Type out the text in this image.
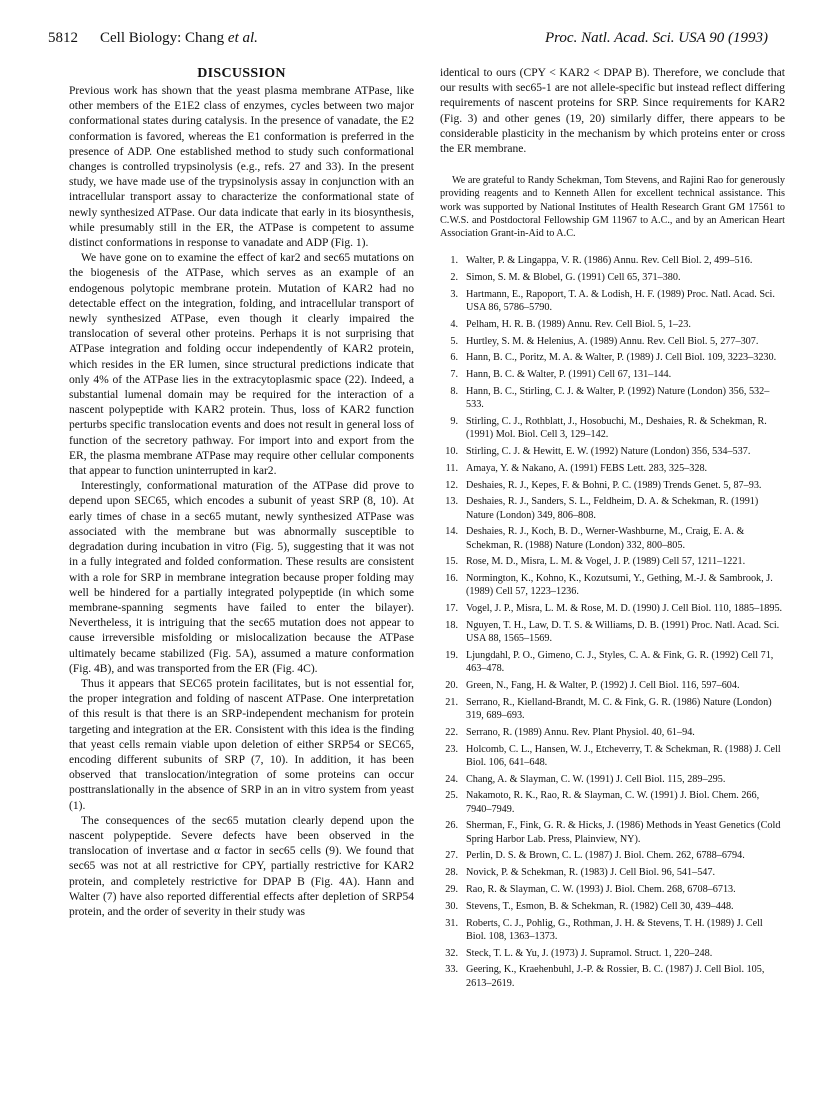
5812 Cell Biology: Chang et al.	Proc. Natl. Acad. Sci. USA 90 (1993)
DISCUSSION

Previous work has shown that the yeast plasma membrane ATPase, like other members of the E1E2 class of enzymes, cycles between two major conformational states during catalysis. In the presence of vanadate, the E2 conformation is favored, whereas the E1 conformation is preferred in the presence of ADP. One established method to study such conformational changes is controlled trypsinolysis (e.g., refs. 27 and 33). In the present study, we have made use of the trypsinolysis assay in conjunction with an intracellular transport assay to characterize the conformational state of newly synthesized ATPase. Our data indicate that early in its biosynthesis, while presumably still in the ER, the ATPase is competent to assume distinct conformations in response to vanadate and ADP (Fig. 1).

We have gone on to examine the effect of kar2 and sec65 mutations on the biogenesis of the ATPase, which serves as an example of an endogenous polytopic membrane protein. Mutation of KAR2 had no detectable effect on the integration, folding, and intracellular transport of newly synthesized ATPase, even though it clearly impaired the translocation of several other proteins. Perhaps it is not surprising that ATPase integration and folding occur independently of KAR2 protein, which resides in the ER lumen, since structural predictions indicate that only 4% of the ATPase lies in the extracytoplasmic space (22). Indeed, a substantial lumenal domain may be required for the interaction of a nascent polypeptide with KAR2 protein. Thus, loss of KAR2 function perturbs specific translocation events and does not result in general loss of function of the secretory pathway. For import into and export from the ER, the plasma membrane ATPase may require other cellular components that appear to function uninterrupted in kar2.

Interestingly, conformational maturation of the ATPase did prove to depend upon SEC65, which encodes a subunit of yeast SRP (8, 10). At early times of chase in a sec65 mutant, newly synthesized ATPase was associated with the membrane but was abnormally susceptible to degradation during incubation in vitro (Fig. 5), suggesting that it was not in a fully integrated and folded conformation. These results are consistent with a role for SRP in membrane integration because proper folding may well be hindered for a partially integrated polypeptide (in which some membrane-spanning segments have failed to enter the bilayer). Nevertheless, it is intriguing that the sec65 mutation does not appear to cause irreversible misfolding or mislocalization because the ATPase ultimately became stabilized (Fig. 5A), assumed a mature conformation (Fig. 4B), and was transported from the ER (Fig. 4C).

Thus it appears that SEC65 protein facilitates, but is not essential for, the proper integration and folding of nascent ATPase. One interpretation of this result is that there is an SRP-independent mechanism for protein targeting and integration at the ER. Consistent with this idea is the finding that yeast cells remain viable upon deletion of either SRP54 or SEC65, encoding different subunits of SRP (7, 10). In addition, it has been observed that translocation/integration of some proteins can occur posttranslationally in the absence of SRP in an in vitro system from yeast (1).

The consequences of the sec65 mutation clearly depend upon the nascent polypeptide. Severe defects have been observed in the translocation of invertase and α factor in sec65 cells (9). We found that sec65 was not at all restrictive for CPY, partially restrictive for KAR2 protein, and completely restrictive for DPAP B (Fig. 4A). Hann and Walter (7) have also reported differential effects after depletion of SRP54 protein, and the order of severity in their study was

identical to ours (CPY < KAR2 < DPAP B). Therefore, we conclude that our results with sec65-1 are not allele-specific but instead reflect differing requirements of nascent proteins for SRP. Since requirements for KAR2 (Fig. 3) and other genes (19, 20) similarly differ, there appears to be considerable plasticity in the mechanism by which proteins enter or cross the ER membrane.

We are grateful to Randy Schekman, Tom Stevens, and Rajini Rao for generously providing reagents and to Kenneth Allen for excellent technical assistance. This work was supported by National Institutes of Health Research Grant GM 17561 to C.W.S. and Postdoctoral Fellowship GM 11967 to A.C., and by an American Heart Association Grant-in-Aid to A.C.

1. Walter, P. & Lingappa, V. R. (1986) Annu. Rev. Cell Biol. 2, 499–516.
2. Simon, S. M. & Blobel, G. (1991) Cell 65, 371–380.
3. Hartmann, E., Rapoport, T. A. & Lodish, H. F. (1989) Proc. Natl. Acad. Sci. USA 86, 5786–5790.
4. Pelham, H. R. B. (1989) Annu. Rev. Cell Biol. 5, 1–23.
5. Hurtley, S. M. & Helenius, A. (1989) Annu. Rev. Cell Biol. 5, 277–307.
6. Hann, B. C., Poritz, M. A. & Walter, P. (1989) J. Cell Biol. 109, 3223–3230.
7. Hann, B. C. & Walter, P. (1991) Cell 67, 131–144.
8. Hann, B. C., Stirling, C. J. & Walter, P. (1992) Nature (London) 356, 532–533.
9. Stirling, C. J., Rothblatt, J., Hosobuchi, M., Deshaies, R. & Schekman, R. (1991) Mol. Biol. Cell 3, 129–142.
10. Stirling, C. J. & Hewitt, E. W. (1992) Nature (London) 356, 534–537.
11. Amaya, Y. & Nakano, A. (1991) FEBS Lett. 283, 325–328.
12. Deshaies, R. J., Kepes, F. & Bohni, P. C. (1989) Trends Genet. 5, 87–93.
13. Deshaies, R. J., Sanders, S. L., Feldheim, D. A. & Schekman, R. (1991) Nature (London) 349, 806–808.
14. Deshaies, R. J., Koch, B. D., Werner-Washburne, M., Craig, E. A. & Schekman, R. (1988) Nature (London) 332, 800–805.
15. Rose, M. D., Misra, L. M. & Vogel, J. P. (1989) Cell 57, 1211–1221.
16. Normington, K., Kohno, K., Kozutsumi, Y., Gething, M.-J. & Sambrook, J. (1989) Cell 57, 1223–1236.
17. Vogel, J. P., Misra, L. M. & Rose, M. D. (1990) J. Cell Biol. 110, 1885–1895.
18. Nguyen, T. H., Law, D. T. S. & Williams, D. B. (1991) Proc. Natl. Acad. Sci. USA 88, 1565–1569.
19. Ljungdahl, P. O., Gimeno, C. J., Styles, C. A. & Fink, G. R. (1992) Cell 71, 463–478.
20. Green, N., Fang, H. & Walter, P. (1992) J. Cell Biol. 116, 597–604.
21. Serrano, R., Kielland-Brandt, M. C. & Fink, G. R. (1986) Nature (London) 319, 689–693.
22. Serrano, R. (1989) Annu. Rev. Plant Physiol. 40, 61–94.
23. Holcomb, C. L., Hansen, W. J., Etcheverry, T. & Schekman, R. (1988) J. Cell Biol. 106, 641–648.
24. Chang, A. & Slayman, C. W. (1991) J. Cell Biol. 115, 289–295.
25. Nakamoto, R. K., Rao, R. & Slayman, C. W. (1991) J. Biol. Chem. 266, 7940–7949.
26. Sherman, F., Fink, G. R. & Hicks, J. (1986) Methods in Yeast Genetics (Cold Spring Harbor Lab. Press, Plainview, NY).
27. Perlin, D. S. & Brown, C. L. (1987) J. Biol. Chem. 262, 6788–6794.
28. Novick, P. & Schekman, R. (1983) J. Cell Biol. 96, 541–547.
29. Rao, R. & Slayman, C. W. (1993) J. Biol. Chem. 268, 6708–6713.
30. Stevens, T., Esmon, B. & Schekman, R. (1982) Cell 30, 439–448.
31. Roberts, C. J., Pohlig, G., Rothman, J. H. & Stevens, T. H. (1989) J. Cell Biol. 108, 1363–1373.
32. Steck, T. L. & Yu, J. (1973) J. Supramol. Struct. 1, 220–248.
33. Geering, K., Kraehenbuhl, J.-P. & Rossier, B. C. (1987) J. Cell Biol. 105, 2613–2619.
